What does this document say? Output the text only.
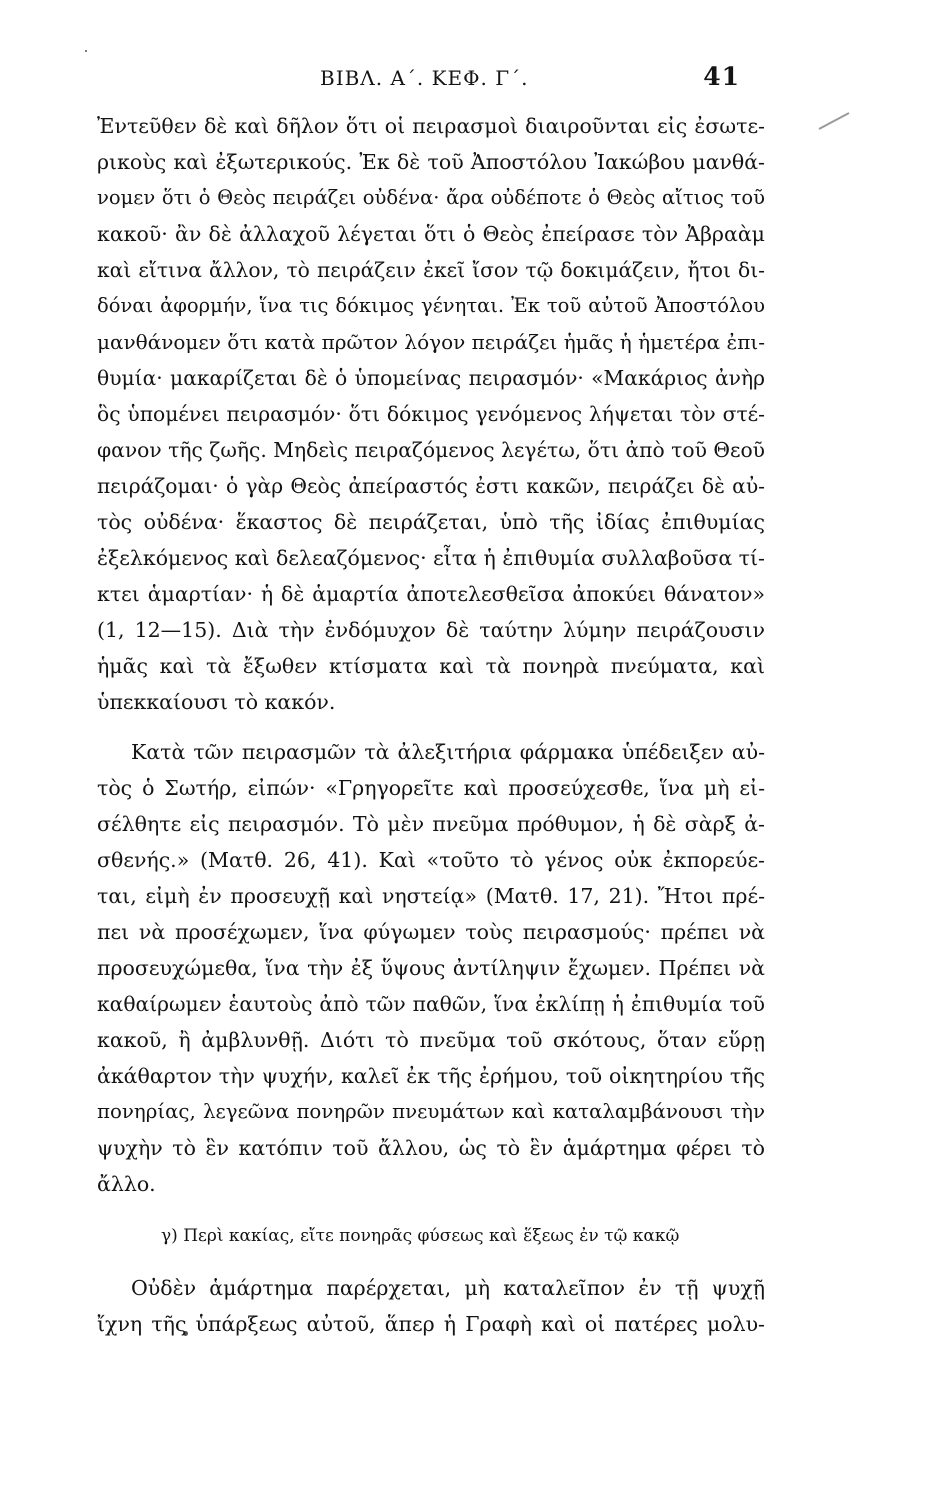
ΒΙΒΛ. Α΄. ΚΕΦ. Γ΄.	41
Ἐντεῦθεν δὲ καὶ δῆλον ὅτι οἱ πειρασμοὶ διαιροῦνται εἰς ἐσωτε-
ρικοὺς καὶ ἐξωτερικούς. Ἐκ δὲ τοῦ Ἀποστόλου Ἰακώβου μανθά-
νομεν ὅτι ὁ Θεὸς πειράζει οὐδένα· ἄρα οὐδέποτε ὁ Θεὸς αἴτιος τοῦ
κακοῦ· ἂν δὲ ἀλλαχοῦ λέγεται ὅτι ὁ Θεὸς ἐπείρασε τὸν Ἀβραὰμ
καὶ εἴτινα ἄλλον, τὸ πειράζειν ἐκεῖ ἴσον τῷ δοκιμάζειν, ἤτοι δι-
δόναι ἀφορμήν, ἵνα τις δόκιμος γένηται. Ἐκ τοῦ αὐτοῦ Ἀποστόλου
μανθάνομεν ὅτι κατὰ πρῶτον λόγον πειράζει ἡμᾶς ἡ ἡμετέρα ἐπι-
θυμία· μακαρίζεται δὲ ὁ ὑπομείνας πειρασμόν· «Μακάριος ἀνὴρ
ὃς ὑπομένει πειρασμόν· ὅτι δόκιμος γενόμενος λήψεται τὸν στέ-
φανον τῆς ζωῆς. Μηδεὶς πειραζόμενος λεγέτω, ὅτι ἀπὸ τοῦ Θεοῦ
πειράζομαι· ὁ γὰρ Θεὸς ἀπείραστός ἐστι κακῶν, πειράζει δὲ αὐ-
τὸς οὐδένα· ἕκαστος δὲ πειράζεται, ὑπὸ τῆς ἰδίας ἐπιθυμίας
ἐξελκόμενος καὶ δελεαζόμενος· εἶτα ἡ ἐπιθυμία συλλαβοῦσα τί-
κτει ἁμαρτίαν· ἡ δὲ ἁμαρτία ἀποτελεσθεῖσα ἀποκύει θάνατον»
(1, 12—15). Διὰ τὴν ἐνδόμυχον δὲ ταύτην λύμην πειράζουσιν
ἡμᾶς καὶ τὰ ἔξωθεν κτίσματα καὶ τὰ πονηρὰ πνεύματα, καὶ
ὑπεκκαίουσι τὸ κακόν.
Κατὰ τῶν πειρασμῶν τὰ ἀλεξιτήρια φάρμακα ὑπέδειξεν αὐ-
τὸς ὁ Σωτήρ, εἰπών· «Γρηγορεῖτε καὶ προσεύχεσθε, ἵνα μὴ εἰ-
σέλθητε εἰς πειρασμόν. Τὸ μὲν πνεῦμα πρόθυμον, ἡ δὲ σὰρξ ἀ-
σθενής.» (Ματθ. 26, 41). Καὶ «τοῦτο τὸ γένος οὐκ ἐκπορεύε-
ται, εἰμὴ ἐν προσευχῇ καὶ νηστείᾳ» (Ματθ. 17, 21). Ἤτοι πρέ-
πει νὰ προσέχωμεν, ἵνα φύγωμεν τοὺς πειρασμούς· πρέπει νὰ
προσευχώμεθα, ἵνα τὴν ἐξ ὕψους ἀντίληψιν ἔχωμεν. Πρέπει νὰ
καθαίρωμεν ἑαυτοὺς ἀπὸ τῶν παθῶν, ἵνα ἐκλίπῃ ἡ ἐπιθυμία τοῦ
κακοῦ, ἢ ἀμβλυνθῇ. Διότι τὸ πνεῦμα τοῦ σκότους, ὅταν εὕρῃ
ἀκάθαρτον τὴν ψυχήν, καλεῖ ἐκ τῆς ἐρήμου, τοῦ οἰκητηρίου τῆς
πονηρίας, λεγεῶνα πονηρῶν πνευμάτων καὶ καταλαμβάνουσι τὴν
ψυχὴν τὸ ἓν κατόπιν τοῦ ἄλλου, ὡς τὸ ἓν ἁμάρτημα φέρει τὸ
ἄλλο.
γ) Περὶ κακίας, εἴτε πονηρᾶς φύσεως καὶ ἕξεως ἐν τῷ κακῷ
Οὐδὲν ἁμάρτημα παρέρχεται, μὴ καταλεῖπον ἐν τῇ ψυχῇ
ἴχνη τῆς ὑπάρξεως αὐτοῦ, ἅπερ ἡ Γραφὴ καὶ οἱ πατέρες μολυ-
